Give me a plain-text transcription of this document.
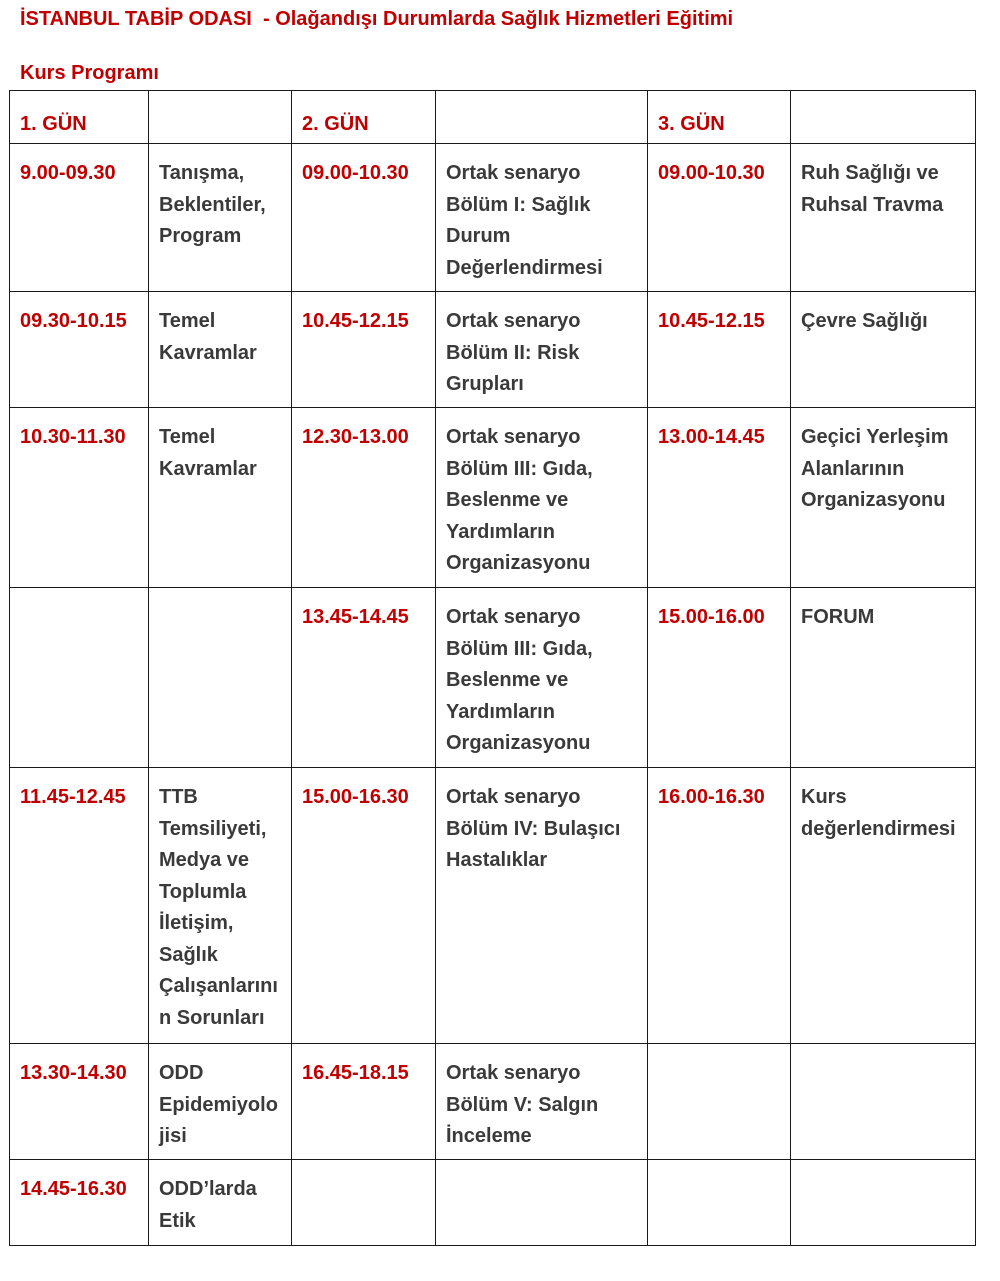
İSTANBUL TABİP ODASI  - Olağandışı Durumlarda Sağlık Hizmetleri Eğitimi
Kurs Programı
1. GÜN		2. GÜN		3. GÜN	
9.00-09.30	Tanışma, Beklentiler, Program	09.00-10.30	Ortak senaryo Bölüm I: Sağlık Durum Değerlendirmesi	09.00-10.30	Ruh Sağlığı ve Ruhsal Travma
09.30-10.15	Temel Kavramlar	10.45-12.15	Ortak senaryo Bölüm II: Risk Grupları	10.45-12.15	Çevre Sağlığı
10.30-11.30	Temel Kavramlar	12.30-13.00	Ortak senaryo Bölüm III: Gıda, Beslenme ve Yardımların Organizasyonu	13.00-14.45	Geçici Yerleşim Alanlarının Organizasyonu
		13.45-14.45	Ortak senaryo Bölüm III: Gıda, Beslenme ve Yardımların Organizasyonu	15.00-16.00	FORUM
11.45-12.45	TTB Temsiliyeti, Medya ve Toplumla İletişim, Sağlık Çalışanlarının Sorunları	15.00-16.30	Ortak senaryo Bölüm IV: Bulaşıcı Hastalıklar	16.00-16.30	Kurs değerlendirmesi
13.30-14.30	ODD Epidemiyolojisi	16.45-18.15	Ortak senaryo Bölüm V: Salgın İnceleme		
14.45-16.30	ODD’larda Etik				
